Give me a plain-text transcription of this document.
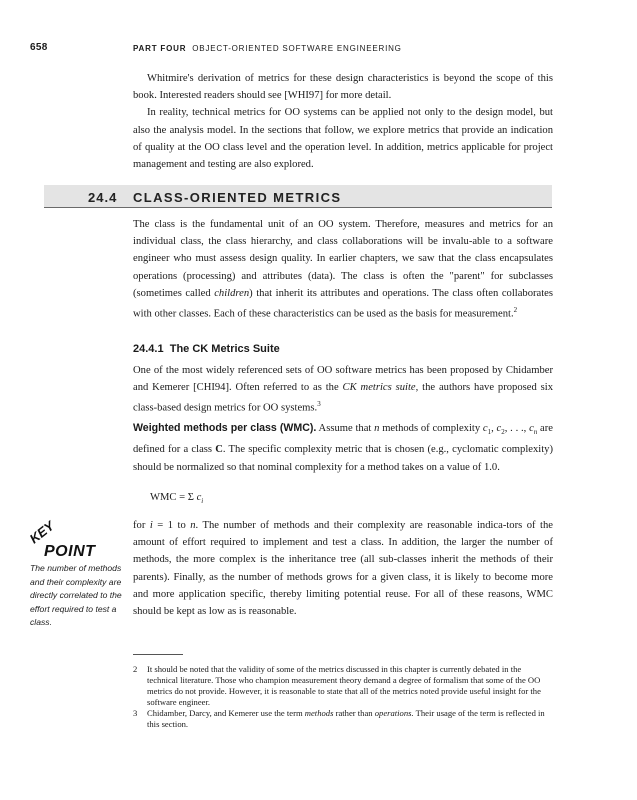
658	PART FOUR OBJECT-ORIENTED SOFTWARE ENGINEERING

Whitmire's derivation of metrics for these design characteristics is beyond the scope of this book. Interested readers should see [WHI97] for more detail.

In reality, technical metrics for OO systems can be applied not only to the design model, but also the analysis model. In the sections that follow, we explore metrics that provide an indication of quality at the OO class level and the operation level. In addition, metrics applicable for project management and testing are also explored.

24.4 CLASS-ORIENTED METRICS

The class is the fundamental unit of an OO system. Therefore, measures and metrics for an individual class, the class hierarchy, and class collaborations will be invalu-able to a software engineer who must assess design quality. In earlier chapters, we saw that the class encapsulates operations (processing) and attributes (data). The class is often the "parent" for subclasses (sometimes called children) that inherit its attributes and operations. The class often collaborates with other classes. Each of these characteristics can be used as the basis for measurement.$^2$

24.4.1 The CK Metrics Suite

One of the most widely referenced sets of OO software metrics has been proposed by Chidamber and Kemerer [CHI94]. Often referred to as the CK metrics suite, the authors have proposed six class-based design metrics for OO systems.$^3$

Weighted methods per class (WMC). Assume that n methods of complexity $c_1$, $c_2$, . . ., $c_n$ are defined for a class C. The specific complexity metric that is chosen (e.g., cyclomatic complexity) should be normalized so that nominal complexity for a method takes on a value of 1.0.

WMC = Σ $c_i$

for i = 1 to n. The number of methods and their complexity are reasonable indica-tors of the amount of effort required to implement and test a class. In addition, the larger the number of methods, the more complex is the inheritance tree (all sub-classes inherit the methods of their parents). Finally, as the number of methods grows for a given class, it is likely to become more and more application specific, thereby limiting potential reuse. For all of these reasons, WMC should be kept as low as is reasonable.

KEY
POINT
The number of methods and their complexity are directly correlated to the effort required to test a class.
2 It should be noted that the validity of some of the metrics discussed in this chapter is currently debated in the technical literature. Those who champion measurement theory demand a degree of formalism that some of the OO metrics do not provide. However, it is reasonable to state that all of the metrics noted provide useful insight for the software engineer.
3 Chidamber, Darcy, and Kemerer use the term methods rather than operations. Their usage of the term is reflected in this section.
